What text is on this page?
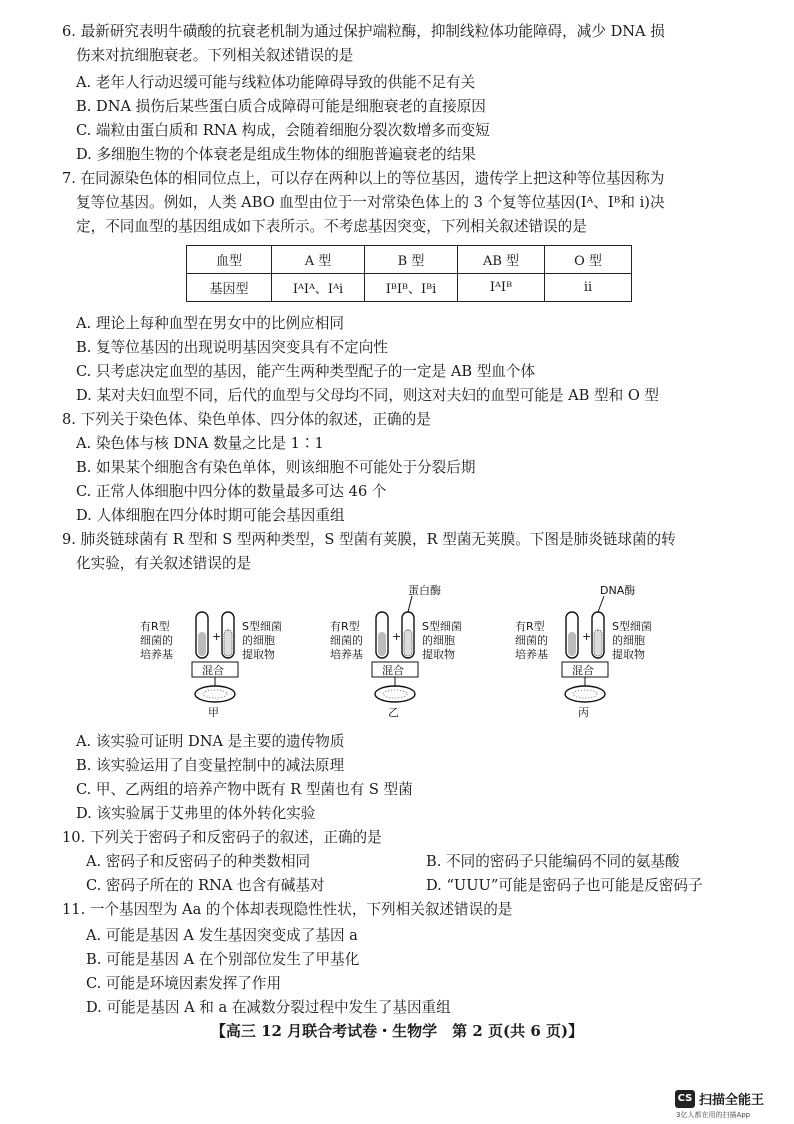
6. 最新研究表明牛磺酸的抗衰老机制为通过保护端粒酶，抑制线粒体功能障碍，减少 DNA 损
伤来对抗细胞衰老。下列相关叙述错误的是
A. 老年人行动迟缓可能与线粒体功能障碍导致的供能不足有关
B. DNA 损伤后某些蛋白质合成障碍可能是细胞衰老的直接原因
C. 端粒由蛋白质和 RNA 构成，会随着细胞分裂次数增多而变短
D. 多细胞生物的个体衰老是组成生物体的细胞普遍衰老的结果
7. 在同源染色体的相同位点上，可以存在两种以上的等位基因，遗传学上把这种等位基因称为
复等位基因。例如，人类 ABO 血型由位于一对常染色体上的 3 个复等位基因(Iᴬ、Iᴮ和 i)决
定，不同血型的基因组成如下表所示。不考虑基因突变，下列相关叙述错误的是
血型	A 型	B 型	AB 型	O 型
基因型	IᴬIᴬ、Iᴬi	IᴮIᴮ、Iᴮi	IᴬIᴮ	ii
A. 理论上每种血型在男女中的比例应相同
B. 复等位基因的出现说明基因突变具有不定向性
C. 只考虑决定血型的基因，能产生两种类型配子的一定是 AB 型血个体
D. 某对夫妇血型不同，后代的血型与父母均不同，则这对夫妇的血型可能是 AB 型和 O 型
8. 下列关于染色体、染色单体、四分体的叙述，正确的是
A. 染色体与核 DNA 数量之比是 1∶1
B. 如果某个细胞含有染色单体，则该细胞不可能处于分裂后期
C. 正常人体细胞中四分体的数量最多可达 46 个
D. 人体细胞在四分体时期可能会基因重组
9. 肺炎链球菌有 R 型和 S 型两种类型，S 型菌有荚膜，R 型菌无荚膜。下图是肺炎链球菌的转
化实验，有关叙述错误的是
有R型
细菌的
培养基
+
S型细菌
的细胞
提取物
混合
甲
有R型
细菌的
培养基
蛋白酶
+
S型细菌
的细胞
提取物
混合
乙
有R型
细菌的
培养基
DNA酶
+
S型细菌
的细胞
提取物
混合
丙
A. 该实验可证明 DNA 是主要的遗传物质
B. 该实验运用了自变量控制中的减法原理
C. 甲、乙两组的培养产物中既有 R 型菌也有 S 型菌
D. 该实验属于艾弗里的体外转化实验
10. 下列关于密码子和反密码子的叙述，正确的是
A. 密码子和反密码子的种类数相同	B. 不同的密码子只能编码不同的氨基酸
C. 密码子所在的 RNA 也含有碱基对	D. “UUU”可能是密码子也可能是反密码子
11. 一个基因型为 Aa 的个体却表现隐性性状，下列相关叙述错误的是
A. 可能是基因 A 发生基因突变成了基因 a
B. 可能是基因 A 在个别部位发生了甲基化
C. 可能是环境因素发挥了作用
D. 可能是基因 A 和 a 在减数分裂过程中发生了基因重组
【高三 12 月联合考试卷・生物学　第 2 页(共 6 页)】
CS 扫描全能王
3亿人都在用的扫描App
